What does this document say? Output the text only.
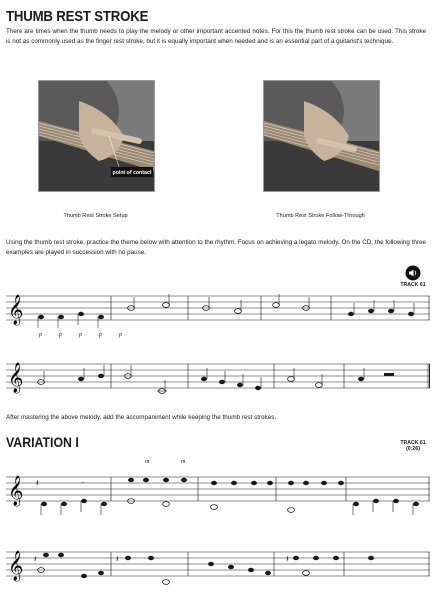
THUMB REST STROKE
There are times when the thumb needs to play the melody or other important accented notes. For this the thumb rest stroke can be used. This stroke is not as commonly used as the finger rest stroke, but it is equally important when needed and is an essential part of a guitarist's technique.
point of contact
Thumb Rest Stroke Setup	Thumb Rest Stroke Follow-Through
Using the thumb rest stroke, practice the theme below with attention to the rhythm. Focus on achieving a legato melody. On the CD, the following three examples are played in succession with no pause.
TRACK 61
𝄞
p	p	p	p	p
𝄞
After mastering the above melody, add the accompaniment while keeping the thumb rest strokes.
VARIATION I	TRACK 61
(0:26)
m	m
𝄞 𝄽	𝄼
𝄞 𝄽	𝄽	𝄽
